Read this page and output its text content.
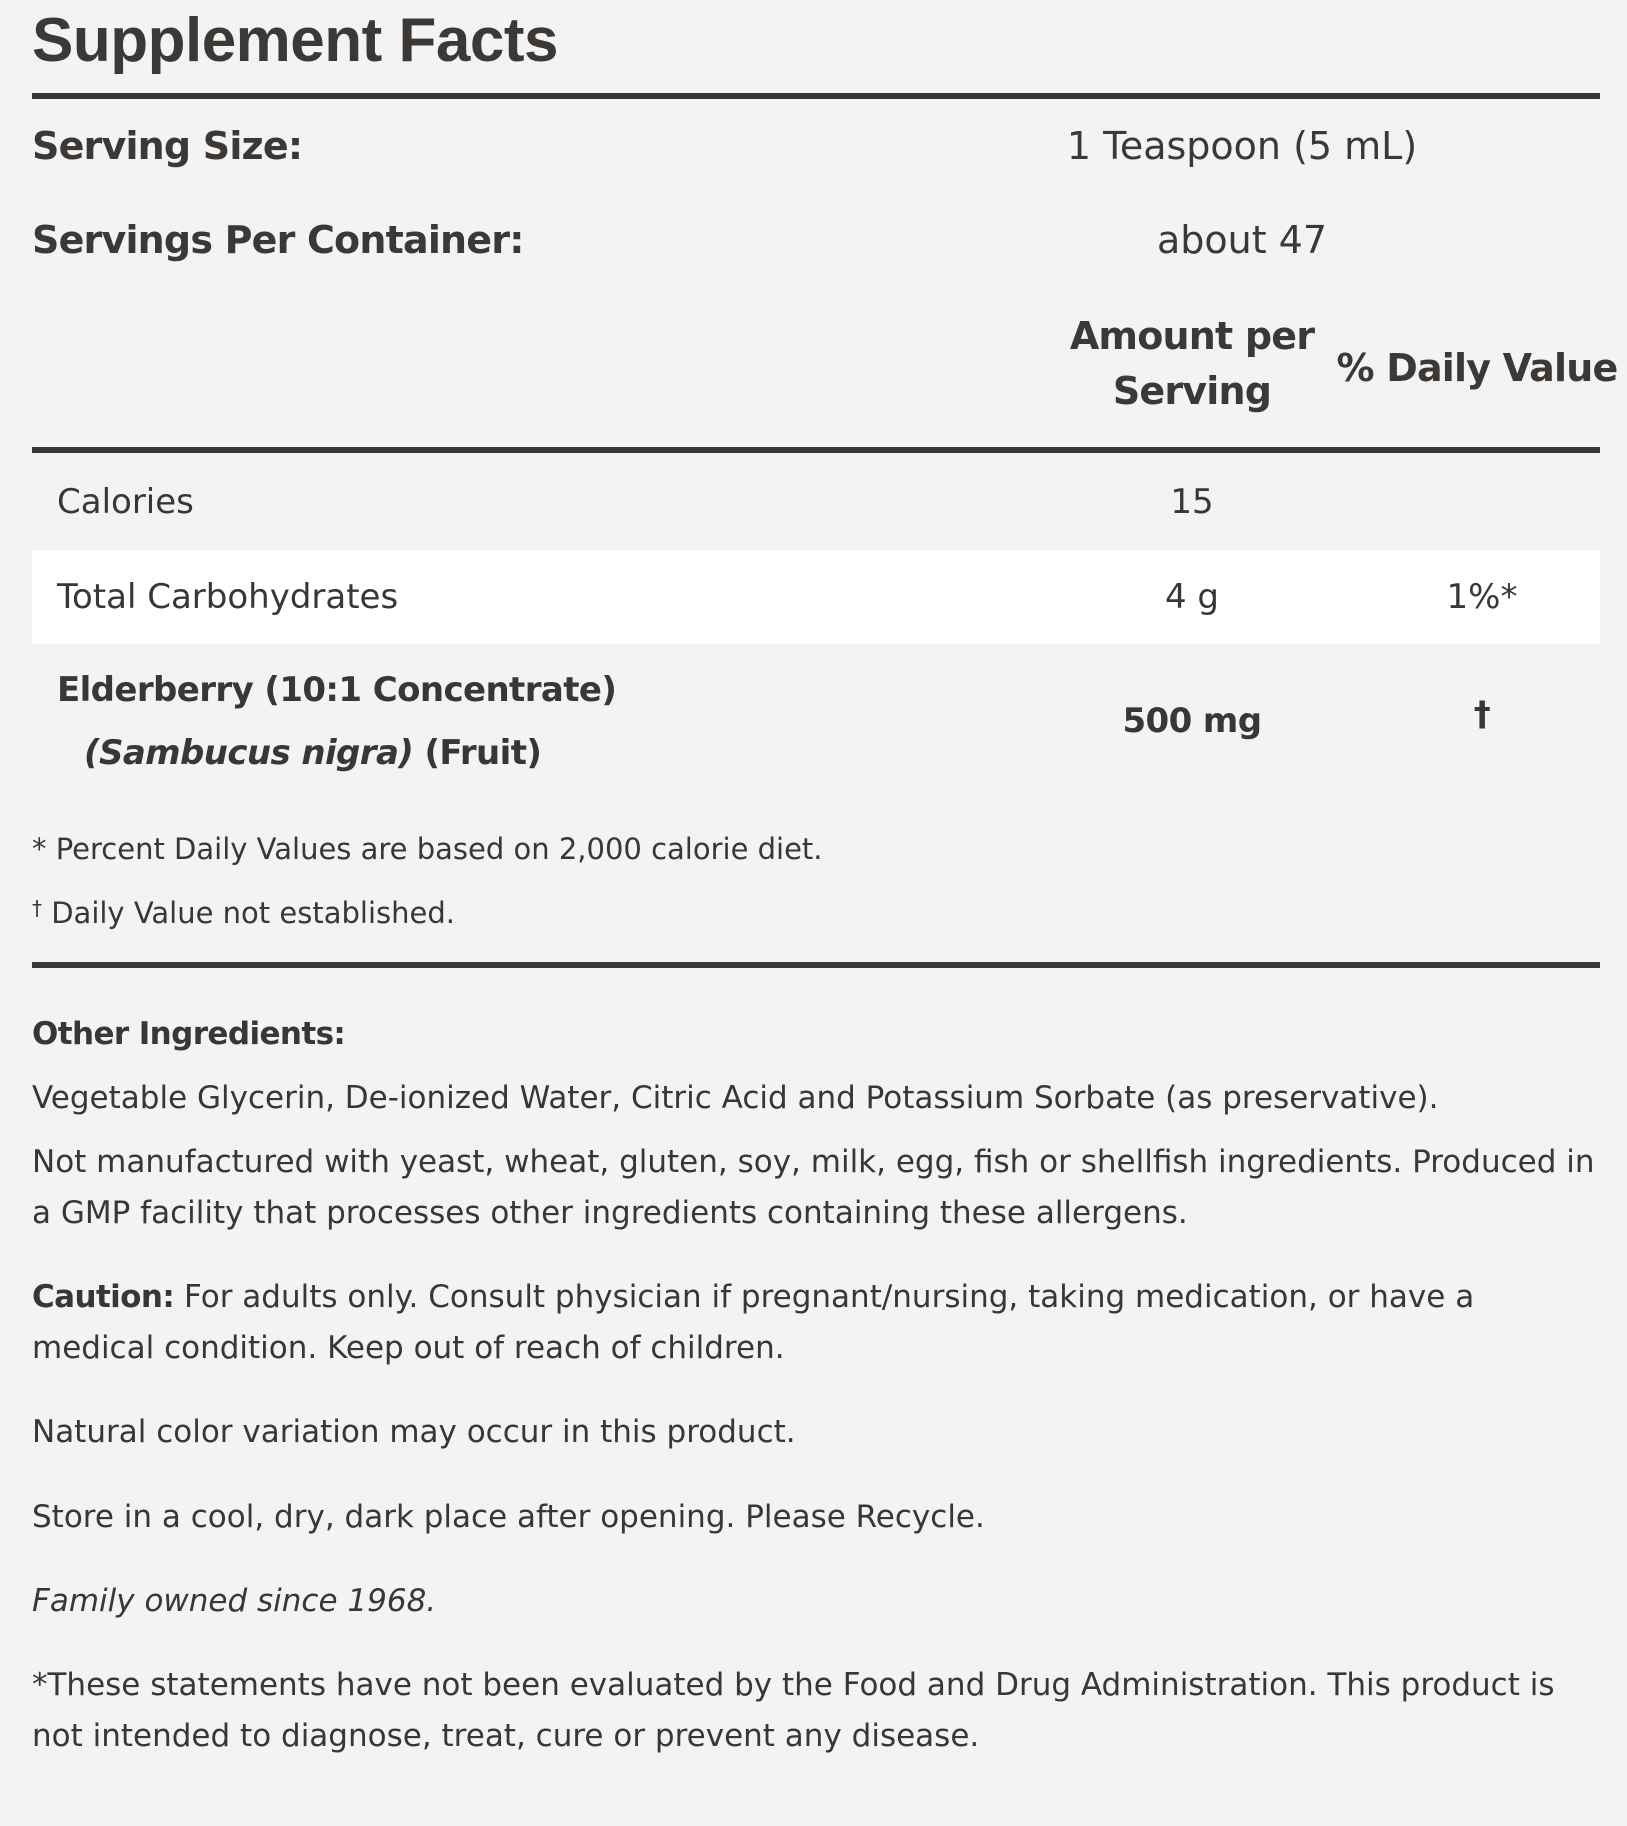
Supplement Facts
Serving Size:	1 Teaspoon (5 mL)
Servings Per Container:	about 47
Amount per
Serving
% Daily Value
Calories	15
Total Carbohydrates	4 g	1%*
Elderberry (10:1 Concentrate)
(Sambucus nigra) (Fruit)
500 mg	†
* Percent Daily Values are based on 2,000 calorie diet.
† Daily Value not established.
Other Ingredients:
Vegetable Glycerin, De-ionized Water, Citric Acid and Potassium Sorbate (as preservative).
Not manufactured with yeast, wheat, gluten, soy, milk, egg, fish or shellfish ingredients. Produced in a GMP facility that processes other ingredients containing these allergens.
Caution: For adults only. Consult physician if pregnant/nursing, taking medication, or have a medical condition. Keep out of reach of children.
Natural color variation may occur in this product.
Store in a cool, dry, dark place after opening. Please Recycle.
Family owned since 1968.
*These statements have not been evaluated by the Food and Drug Administration. This product is not intended to diagnose, treat, cure or prevent any disease.
